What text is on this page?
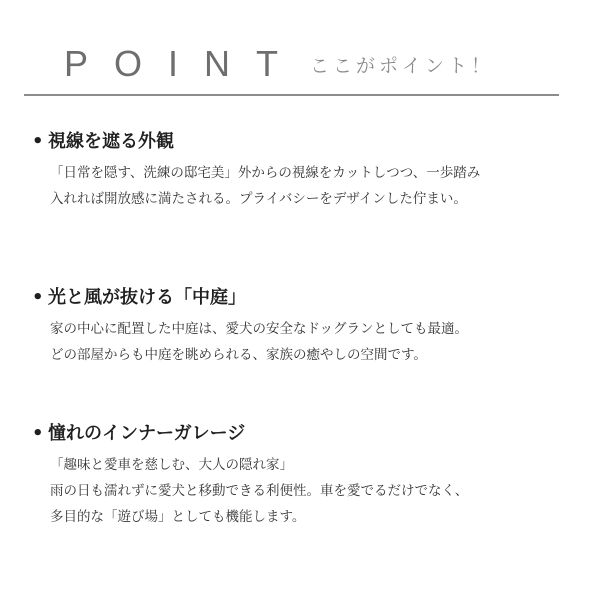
POINT ここがポイント！
• 視線を遮る外観
「日常を隠す、洗練の邸宅美」外からの視線をカットしつつ、一歩踏み
入れれば開放感に満たされる。プライバシーをデザインした佇まい。
• 光と風が抜ける「中庭」
家の中心に配置した中庭は、愛犬の安全なドッグランとしても最適。
どの部屋からも中庭を眺められる、家族の癒やしの空間です。
• 憧れのインナーガレージ
「趣味と愛車を慈しむ、大人の隠れ家」
雨の日も濡れずに愛犬と移動できる利便性。車を愛でるだけでなく、
多目的な「遊び場」としても機能します。
